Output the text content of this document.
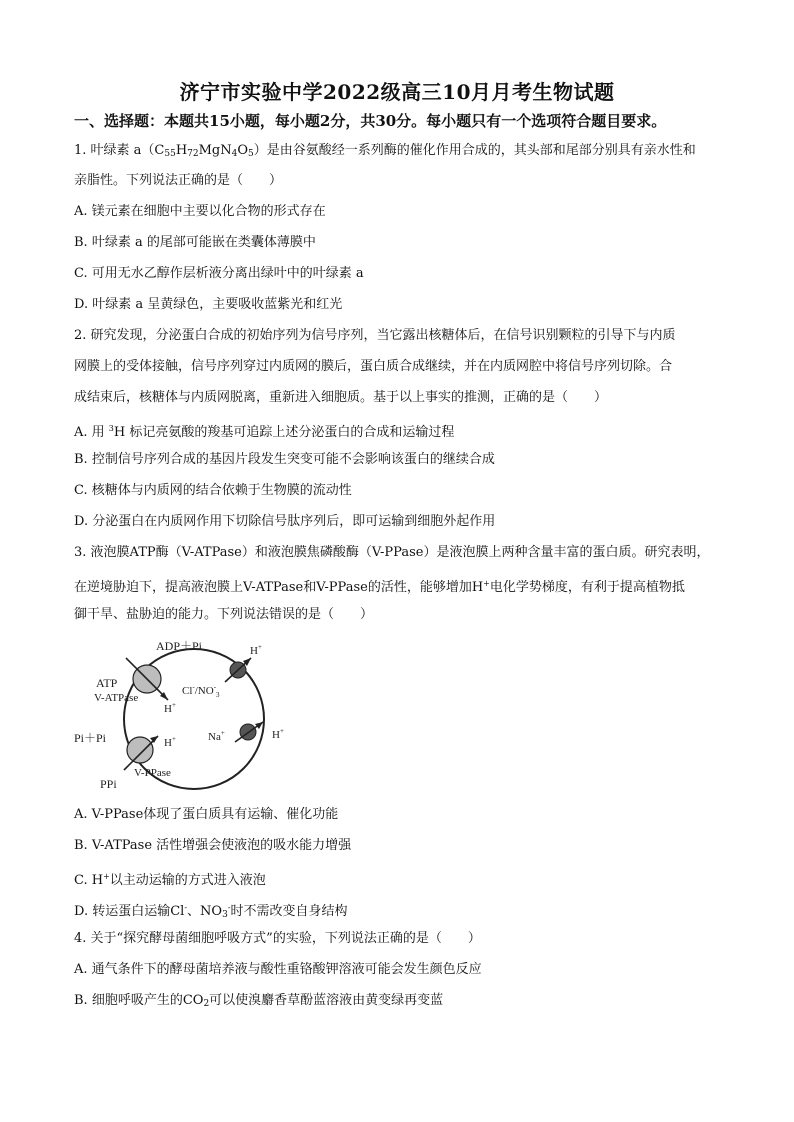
济宁市实验中学2022级高三10月月考生物试题
一、选择题：本题共15小题，每小题2分，共30分。每小题只有一个选项符合题目要求。
1. 叶绿素 $a(C_{55}H_{72}MgN_4O_5)$是由谷氨酸经一系列酶的催化作用合成的，其头部和尾部分别具有亲水性和
亲脂性。下列说法正确的是（　　）
A. 镁元素在细胞中主要以化合物的形式存在
B. 叶绿素 a 的尾部可能嵌在类囊体薄膜中
C. 可用无水乙醇作层析液分离出绿叶中的叶绿素 a
D. 叶绿素 a 呈黄绿色，主要吸收蓝紫光和红光
2. 研究发现，分泌蛋白合成的初始序列为信号序列，当它露出核糖体后，在信号识别颗粒的引导下与内质
网膜上的受体接触，信号序列穿过内质网的膜后，蛋白质合成继续，并在内质网腔中将信号序列切除。合
成结束后，核糖体与内质网脱离，重新进入细胞质。基于以上事实的推测，正确的是（　　）
A. 用 $^3$H 标记亮氨酸的羧基可追踪上述分泌蛋白的合成和运输过程
B. 控制信号序列合成的基因片段发生突变可能不会影响该蛋白的继续合成
C. 核糖体与内质网的结合依赖于生物膜的流动性
D. 分泌蛋白在内质网作用下切除信号肽序列后，即可运输到细胞外起作用
3. 液泡膜ATP酶（V-ATPase）和液泡膜焦磷酸酶（V-PPase）是液泡膜上两种含量丰富的蛋白质。研究表明，
在逆境胁迫下，提高液泡膜上V-ATPase和V-PPase的活性，能够增加H+电化学势梯度，有利于提高植物抵
御干旱、盐胁迫的能力。下列说法错误的是（　　）
ADP＋Pi
ATP
V-ATPase
H+
H+
$Cl^-/NO^-_3$
Na+	H+
Pi＋Pi	H+
V-PPase
PPi
A. V-PPase体现了蛋白质具有运输、催化功能
B. V-ATPase 活性增强会使液泡的吸水能力增强
C. H+以主动运输的方式进入液泡
D. 转运蛋白运输Cl-、$NO_3^-$时不需改变自身结构
4. 关于“探究酵母菌细胞呼吸方式”的实验，下列说法正确的是（　　）
A. 通气条件下的酵母菌培养液与酸性重铬酸钾溶液可能会发生颜色反应
B. 细胞呼吸产生的$CO_2$可以使溴麝香草酚蓝溶液由黄变绿再变蓝
